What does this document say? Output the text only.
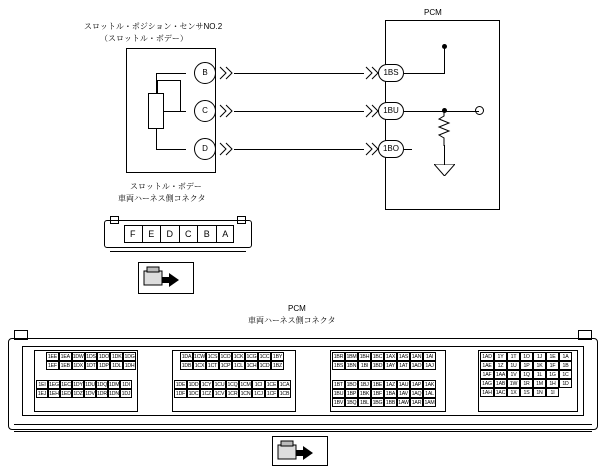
スロットル・ポジション・センサNO.2
（スロットル・ボデー）
PCM
B
C
D
1BS
1BU
1BO
スロットル・ボデー
車両ハーネス側コネクタ
F	E	D	C	B	A
PCM
車両ハーネス側コネクタ
1EE 1EA 1DW 1DS 1DO 1DK 1DG
1EF 1EB 1DX 1DT 1DP 1DL 1DH
1EI 1EG 1EC 1DY 1DU 1DQ 1DM 1DI
1EJ 1EH 1ED 1DZ 1DV 1DR 1DN 1DJ
1DA 1CW 1CS 1CO 1CK 1CG 1CC 1BY
1DB 1CX 1CT 1CP 1CL 1CH 1CD 1BZ
1DE 1DD 1CY 1CU 1CQ 1CM 1CI 1CE 1CA
1DF 1DC 1CZ 1CV 1CR 1CN 1CJ 1CF 1CB
1BR 1BM 1BH 1BC 1AX 1AS 1AN 1AI
1BS 1BN 1BI 1BD 1AY 1AT 1AO 1AJ
1BT 1BO 1BJ 1BE 1AZ 1AU 1AP 1AK
1BU 1BP 1BK 1BF 1BA 1AV 1AQ 1AL
1BV 1BQ 1BL 1BG 1BB 1AW 1AR 1AM
1AD	1Y	1T	1O	1J	1E	1A
1AE	1Z	1U	1P	1K	1F	1B
1AF 1AA	1V	1Q	1L	1G	1C
1AG 1AB 1W	1R	1M	1H	1D
1AH 1AC	1X	1S	1N	1I
